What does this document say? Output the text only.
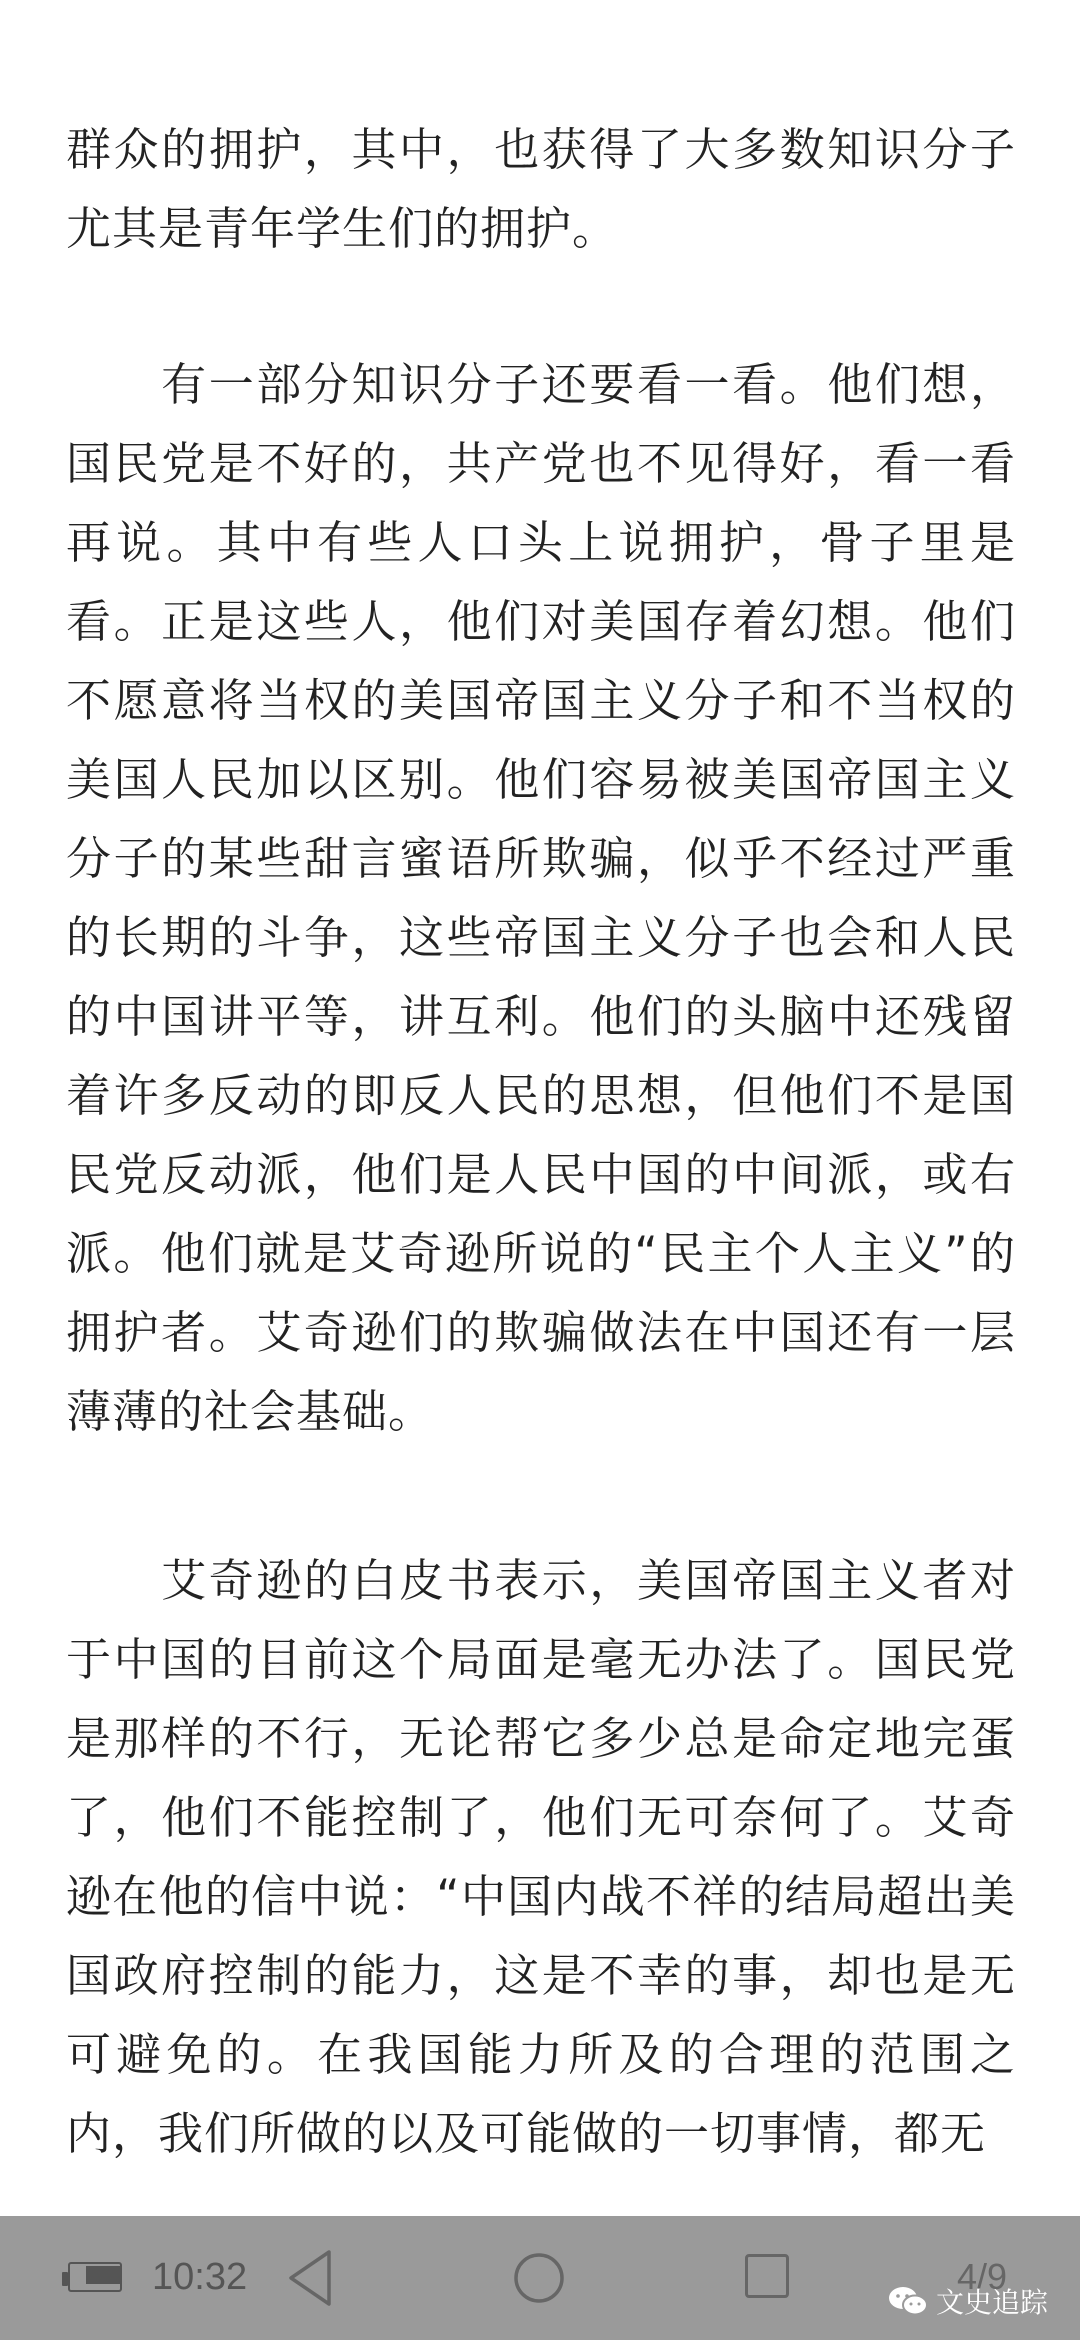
群众的拥护，其中，也获得了大多数知识分子尤其是青年学生们的拥护。

　　有一部分知识分子还要看一看。他们想，国民党是不好的，共产党也不见得好，看一看再说。其中有些人口头上说拥护，骨子里是看。正是这些人，他们对美国存着幻想。他们不愿意将当权的美国帝国主义分子和不当权的美国人民加以区别。他们容易被美国帝国主义分子的某些甜言蜜语所欺骗，似乎不经过严重的长期的斗争，这些帝国主义分子也会和人民的中国讲平等，讲互利。他们的头脑中还残留着许多反动的即反人民的思想，但他们不是国民党反动派，他们是人民中国的中间派，或右派。他们就是艾奇逊所说的“民主个人主义”的拥护者。艾奇逊们的欺骗做法在中国还有一层薄薄的社会基础。

　　艾奇逊的白皮书表示，美国帝国主义者对于中国的目前这个局面是毫无办法了。国民党是那样的不行，无论帮它多少总是命定地完蛋了，他们不能控制了，他们无可奈何了。艾奇逊在他的信中说：“中国内战不祥的结局超出美国政府控制的能力，这是不幸的事，却也是无可避免的。在我国能力所及的合理的范围之内，我们所做的以及可能做的一切事情，都无

10:32	4/9
文史追踪
